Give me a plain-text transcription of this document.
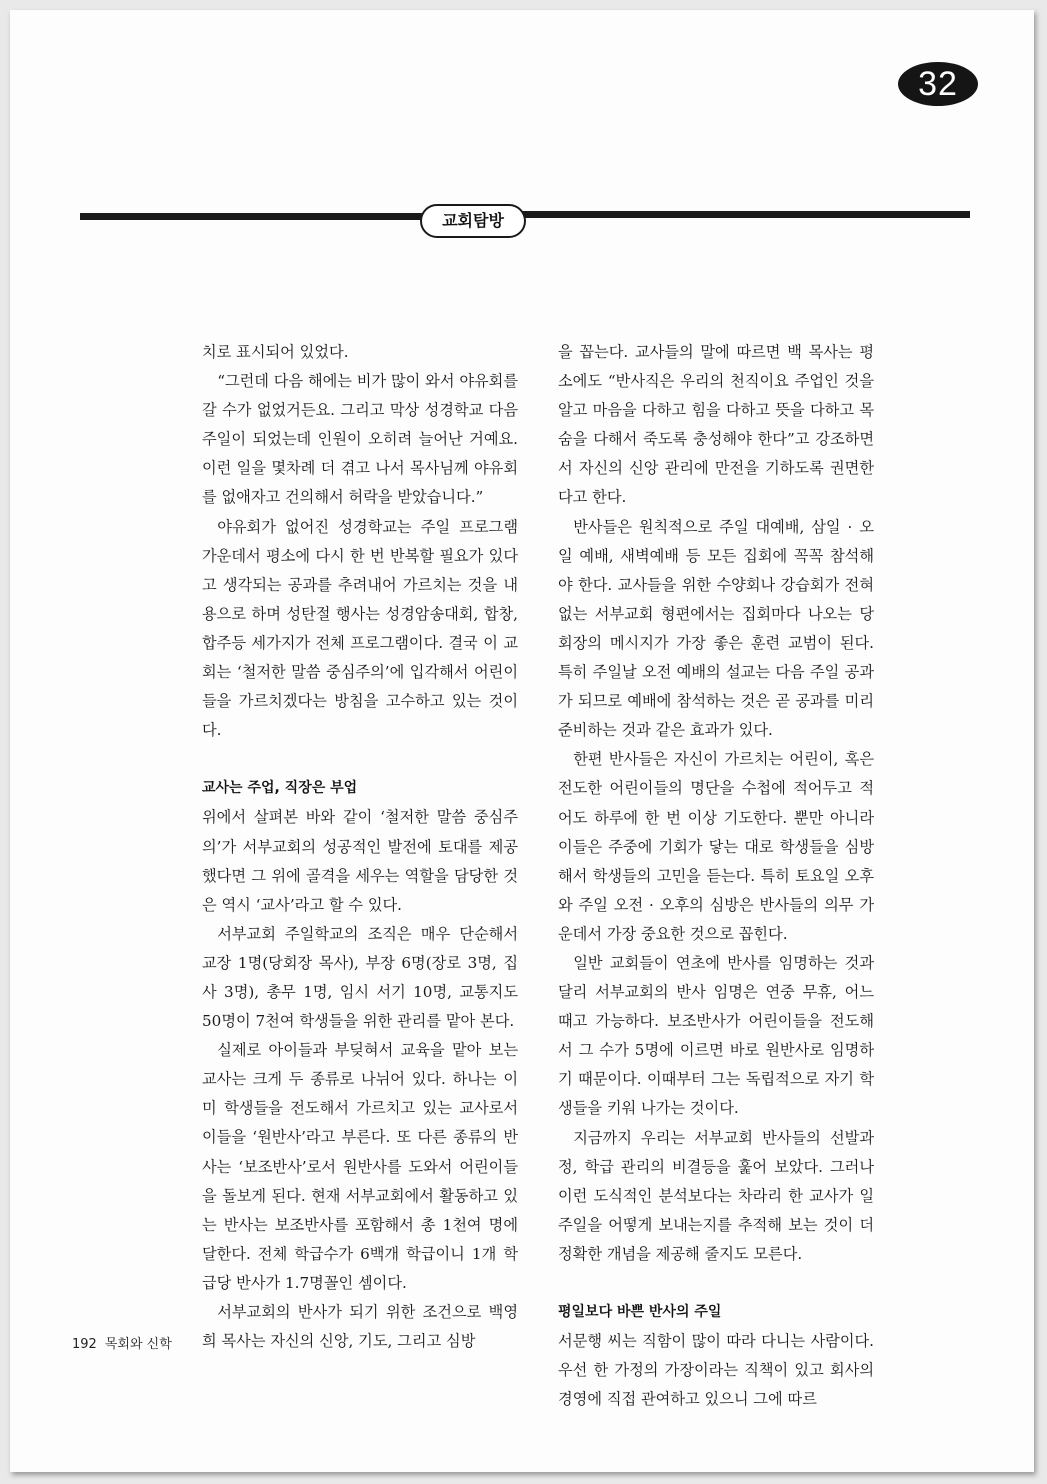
32
교회탐방

치로 표시되어 있었다.

“그런데 다음 해에는 비가 많이 와서 야유회를 갈 수가 없었거든요. 그리고 막상 성경학교 다음 주일이 되었는데 인원이 오히려 늘어난 거예요. 이런 일을 몇차례 더 겪고 나서 목사님께 야유회를 없애자고 건의해서 허락을 받았습니다.”

야유회가 없어진 성경학교는 주일 프로그램 가운데서 평소에 다시 한 번 반복할 필요가 있다고 생각되는 공과를 추려내어 가르치는 것을 내용으로 하며 성탄절 행사는 성경암송대회, 합창, 합주등 세가지가 전체 프로그램이다. 결국 이 교회는 ‘철저한 말씀 중심주의’에 입각해서 어린이들을 가르치겠다는 방침을 고수하고 있는 것이다.

교사는 주업, 직장은 부업

위에서 살펴본 바와 같이 ‘철저한 말씀 중심주의’가 서부교회의 성공적인 발전에 토대를 제공 했다면 그 위에 골격을 세우는 역할을 담당한 것은 역시 ‘교사’라고 할 수 있다.

서부교회 주일학교의 조직은 매우 단순해서 교장 1명(당회장 목사), 부장 6명(장로 3명, 집사 3명), 총무 1명, 임시 서기 10명, 교통지도 50명이 7천여 학생들을 위한 관리를 맡아 본다.

실제로 아이들과 부딪혀서 교육을 맡아 보는 교사는 크게 두 종류로 나뉘어 있다. 하나는 이미 학생들을 전도해서 가르치고 있는 교사로서 이들을 ‘원반사’라고 부른다. 또 다른 종류의 반사는 ‘보조반사’로서 원반사를 도와서 어린이들을 돌보게 된다. 현재 서부교회에서 활동하고 있는 반사는 보조반사를 포함해서 총 1천여 명에 달한다. 전체 학급수가 6백개 학급이니 1개 학급당 반사가 1.7명꼴인 셈이다.

서부교회의 반사가 되기 위한 조건으로 백영희 목사는 자신의 신앙, 기도, 그리고 심방

을 꼽는다. 교사들의 말에 따르면 백 목사는 평소에도 “반사직은 우리의 천직이요 주업인 것을 알고 마음을 다하고 힘을 다하고 뜻을 다하고 목숨을 다해서 죽도록 충성해야 한다”고 강조하면서 자신의 신앙 관리에 만전을 기하도록 권면한다고 한다.

반사들은 원칙적으로 주일 대예배, 삼일 · 오일 예배, 새벽예배 등 모든 집회에 꼭꼭 참석해야 한다. 교사들을 위한 수양회나 강습회가 전혀 없는 서부교회 형편에서는 집회마다 나오는 당회장의 메시지가 가장 좋은 훈련 교범이 된다. 특히 주일날 오전 예배의 설교는 다음 주일 공과가 되므로 예배에 참석하는 것은 곧 공과를 미리 준비하는 것과 같은 효과가 있다.

한편 반사들은 자신이 가르치는 어린이, 혹은 전도한 어린이들의 명단을 수첩에 적어두고 적어도 하루에 한 번 이상 기도한다. 뿐만 아니라 이들은 주중에 기회가 닿는 대로 학생들을 심방해서 학생들의 고민을 듣는다. 특히 토요일 오후와 주일 오전 · 오후의 심방은 반사들의 의무 가운데서 가장 중요한 것으로 꼽힌다.

일반 교회들이 연초에 반사를 임명하는 것과 달리 서부교회의 반사 임명은 연중 무휴, 어느 때고 가능하다. 보조반사가 어린이들을 전도해서 그 수가 5명에 이르면 바로 원반사로 임명하기 때문이다. 이때부터 그는 독립적으로 자기 학생들을 키워 나가는 것이다.

지금까지 우리는 서부교회 반사들의 선발과정, 학급 관리의 비결등을 훑어 보았다. 그러나 이런 도식적인 분석보다는 차라리 한 교사가 일주일을 어떻게 보내는지를 추적해 보는 것이 더 정확한 개념을 제공해 줄지도 모른다.

평일보다 바쁜 반사의 주일

서문행 씨는 직함이 많이 따라 다니는 사람이다. 우선 한 가정의 가장이라는 직책이 있고 회사의 경영에 직접 관여하고 있으니 그에 따르

192 목회와 신학
